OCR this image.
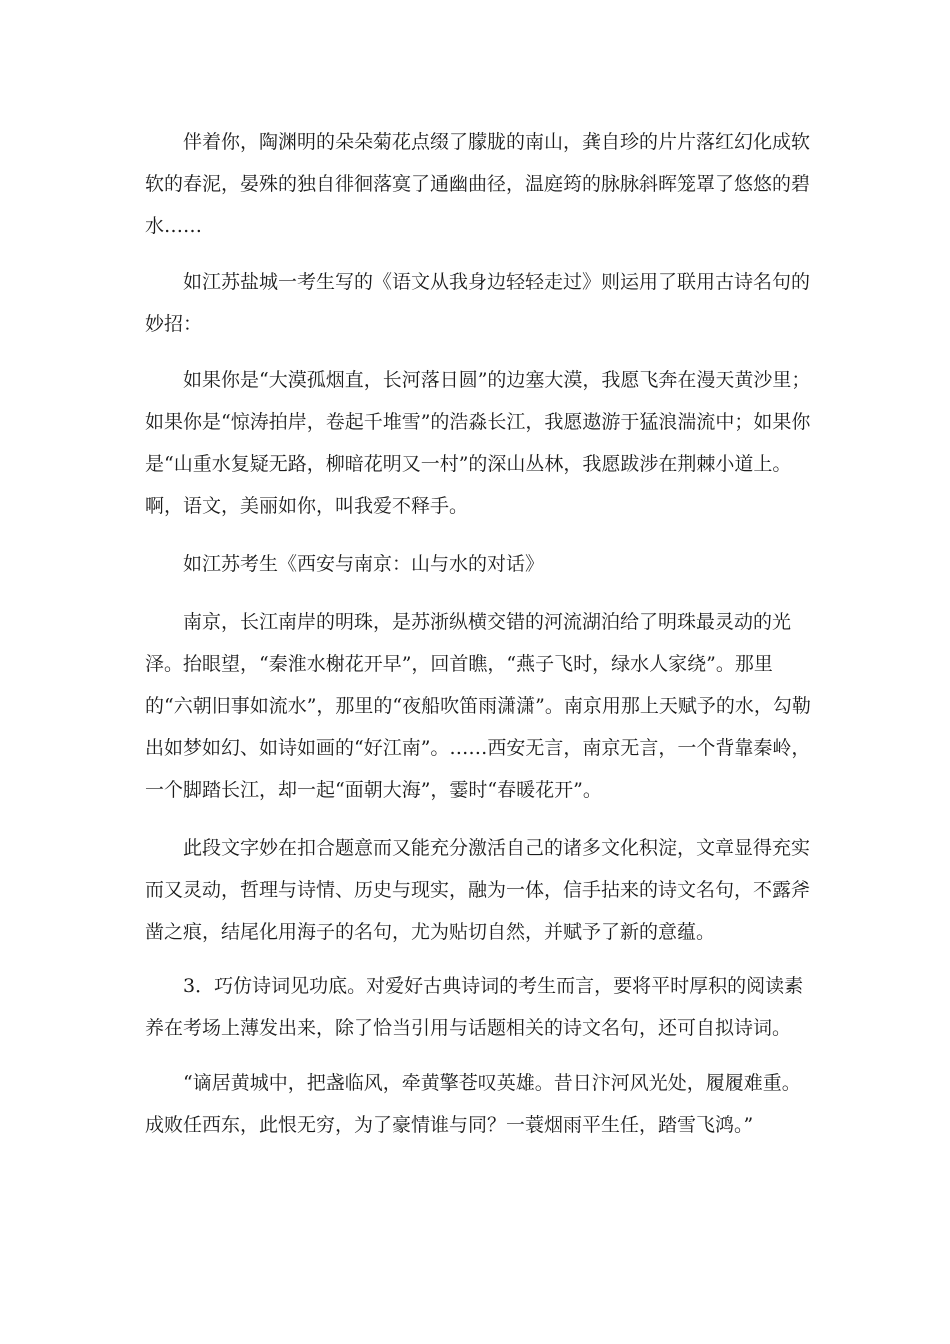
伴着你，陶渊明的朵朵菊花点缀了朦胧的南山，龚自珍的片片落红幻化成软软的春泥，晏殊的独自徘徊落寞了通幽曲径，温庭筠的脉脉斜晖笼罩了悠悠的碧水……

如江苏盐城一考生写的《语文从我身边轻轻走过》则运用了联用古诗名句的妙招：

如果你是“大漠孤烟直，长河落日圆”的边塞大漠，我愿飞奔在漫天黄沙里；如果你是“惊涛拍岸，卷起千堆雪”的浩淼长江，我愿遨游于猛浪湍流中；如果你是“山重水复疑无路，柳暗花明又一村”的深山丛林，我愿跋涉在荆棘小道上。啊，语文，美丽如你，叫我爱不释手。

如江苏考生《西安与南京：山与水的对话》

南京，长江南岸的明珠，是苏浙纵横交错的河流湖泊给了明珠最灵动的光泽。抬眼望，“秦淮水榭花开早”，回首瞧，“燕子飞时，绿水人家绕”。那里的“六朝旧事如流水”，那里的“夜船吹笛雨潇潇”。南京用那上天赋予的水，勾勒出如梦如幻、如诗如画的“好江南”。……西安无言，南京无言，一个背靠秦岭，一个脚踏长江，却一起“面朝大海”，霎时“春暖花开”。

此段文字妙在扣合题意而又能充分激活自己的诸多文化积淀，文章显得充实而又灵动，哲理与诗情、历史与现实，融为一体，信手拈来的诗文名句，不露斧凿之痕，结尾化用海子的名句，尤为贴切自然，并赋予了新的意蕴。

3．巧仿诗词见功底。对爱好古典诗词的考生而言，要将平时厚积的阅读素养在考场上薄发出来，除了恰当引用与话题相关的诗文名句，还可自拟诗词。

“谪居黄城中，把盏临风，牵黄擎苍叹英雄。昔日汴河风光处，履履难重。成败任西东，此恨无穷，为了豪情谁与同？一蓑烟雨平生任，踏雪飞鸿。”
